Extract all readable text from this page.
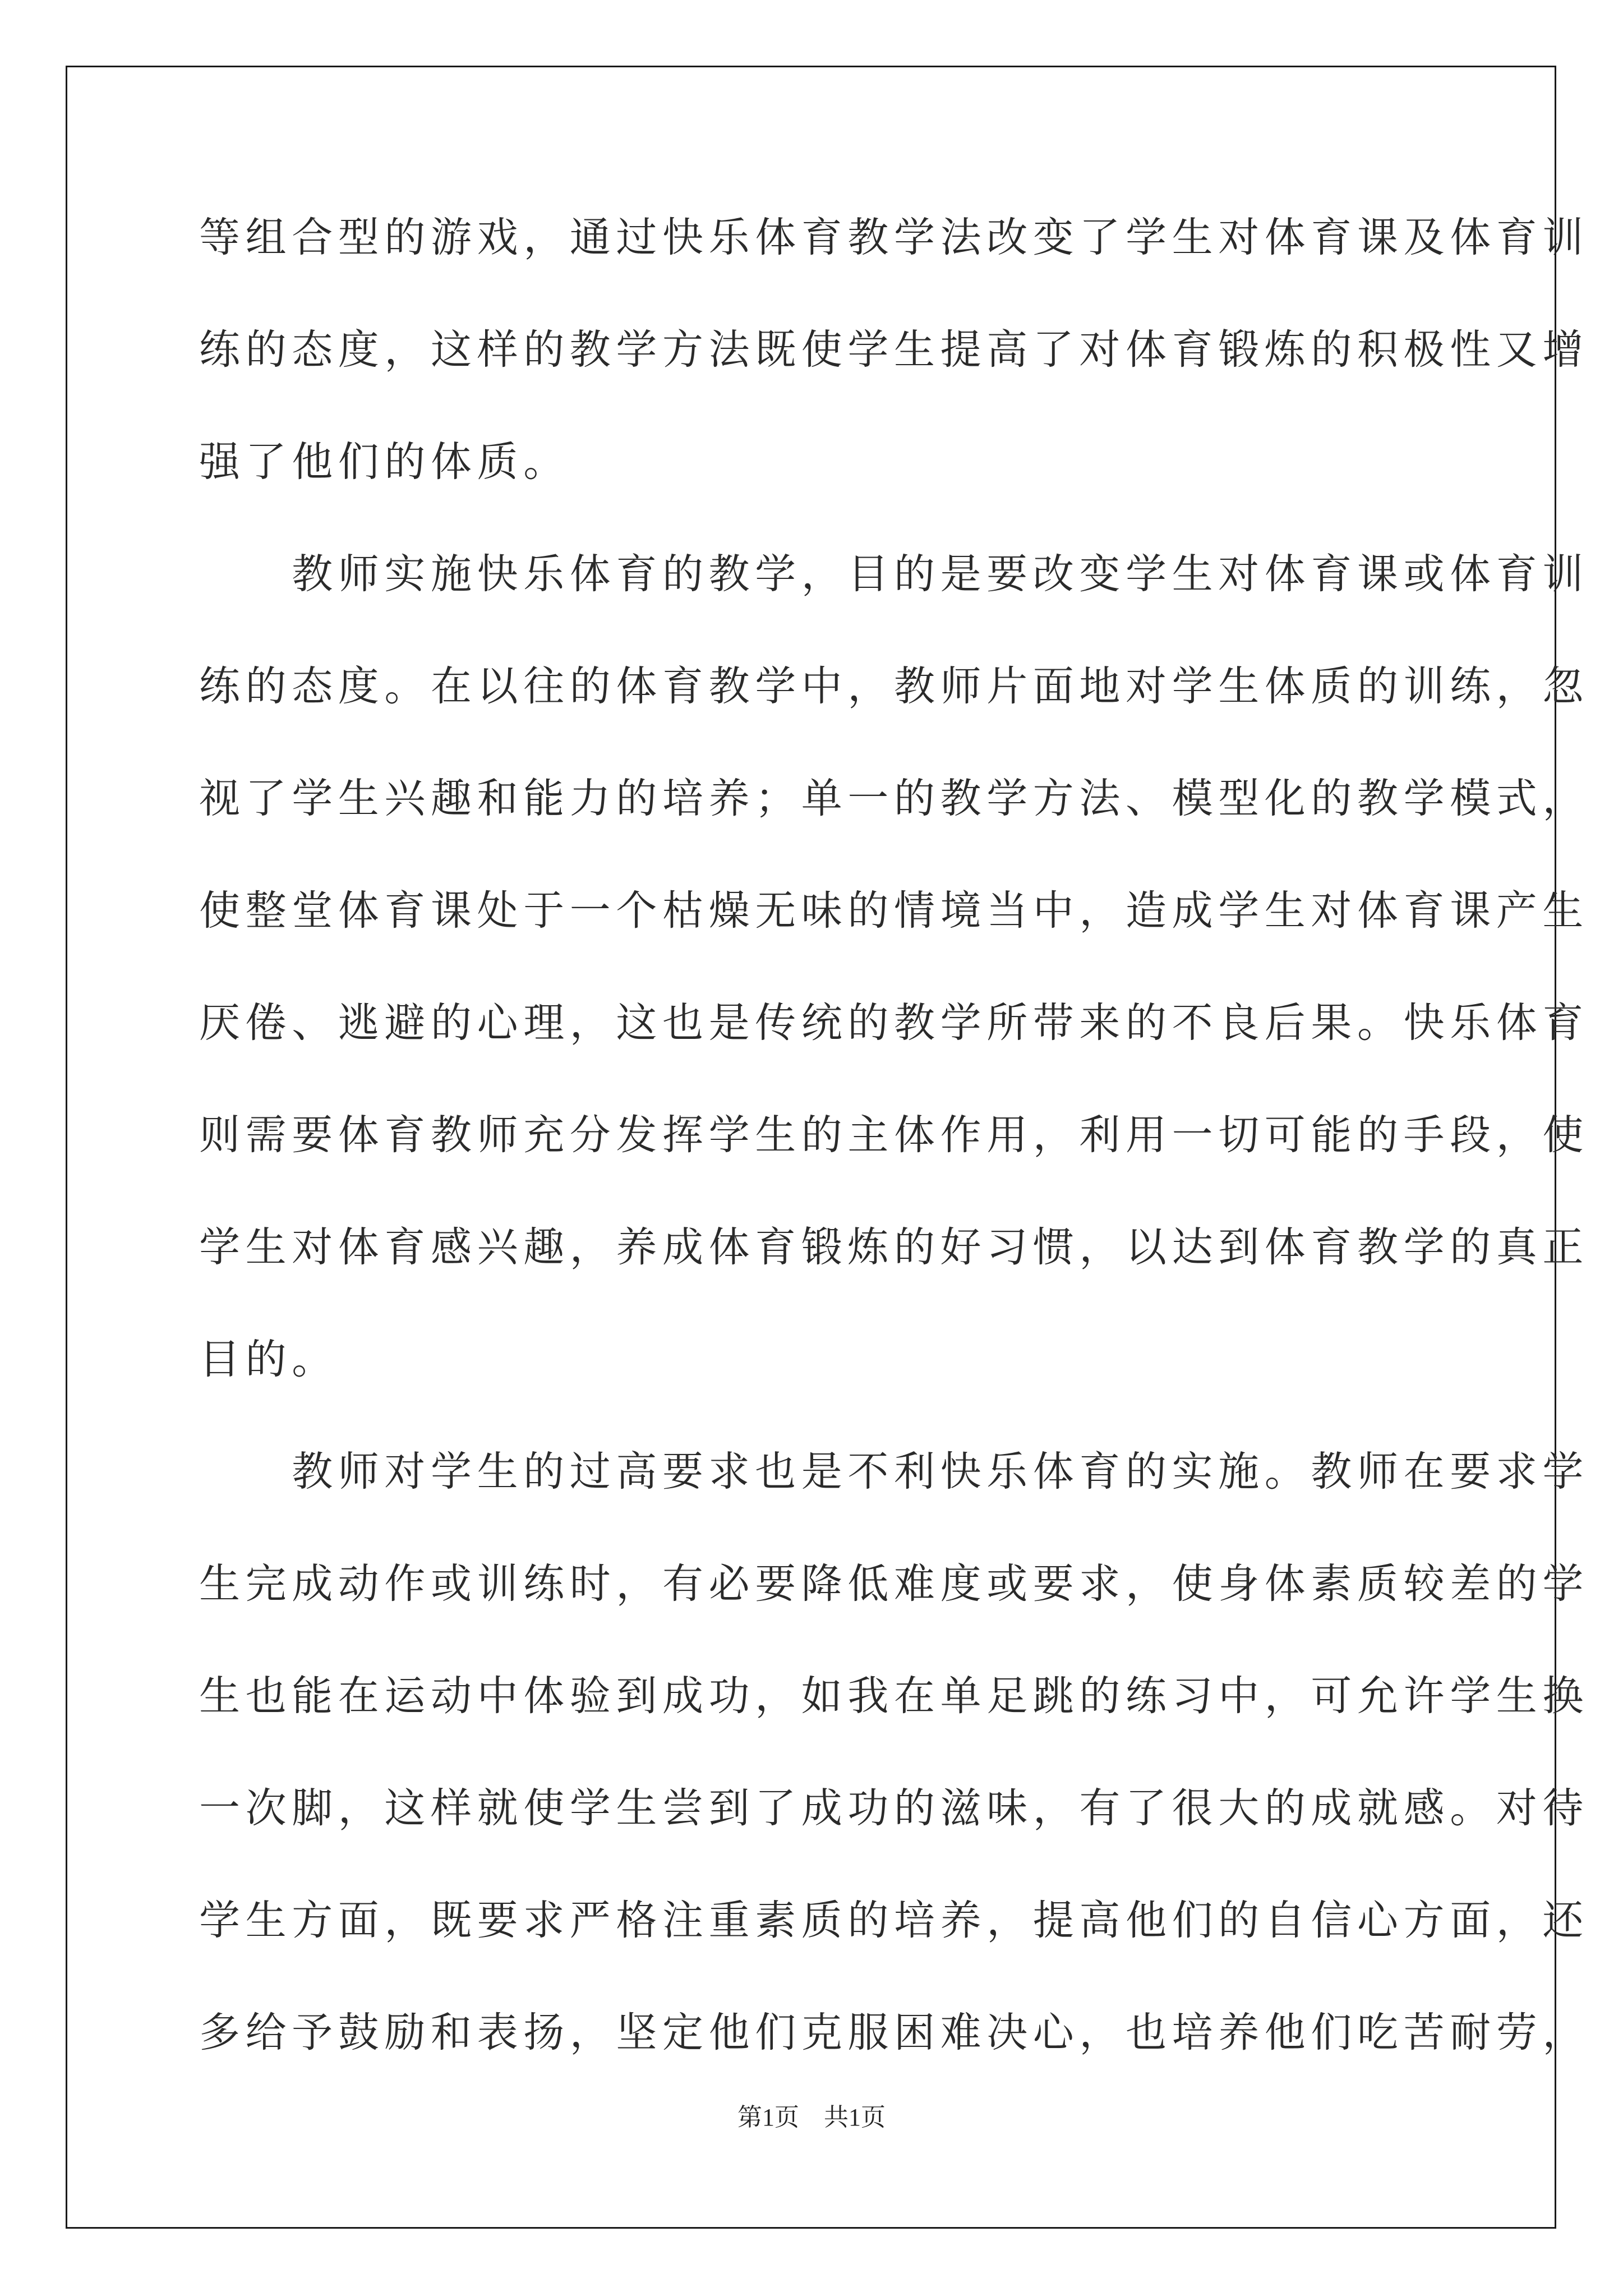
等组合型的游戏，通过快乐体育教学法改变了学生对体育课及体育训
练的态度，这样的教学方法既使学生提高了对体育锻炼的积极性又增
强了他们的体质。
教师实施快乐体育的教学，目的是要改变学生对体育课或体育训
练的态度。在以往的体育教学中，教师片面地对学生体质的训练，忽
视了学生兴趣和能力的培养；单一的教学方法、模型化的教学模式，
使整堂体育课处于一个枯燥无味的情境当中，造成学生对体育课产生
厌倦、逃避的心理，这也是传统的教学所带来的不良后果。快乐体育
则需要体育教师充分发挥学生的主体作用，利用一切可能的手段，使
学生对体育感兴趣，养成体育锻炼的好习惯，以达到体育教学的真正
目的。
教师对学生的过高要求也是不利快乐体育的实施。教师在要求学
生完成动作或训练时，有必要降低难度或要求，使身体素质较差的学
生也能在运动中体验到成功，如我在单足跳的练习中，可允许学生换
一次脚，这样就使学生尝到了成功的滋味，有了很大的成就感。对待
学生方面，既要求严格注重素质的培养，提高他们的自信心方面，还
多给予鼓励和表扬，坚定他们克服困难决心，也培养他们吃苦耐劳，
第1页　共1页
